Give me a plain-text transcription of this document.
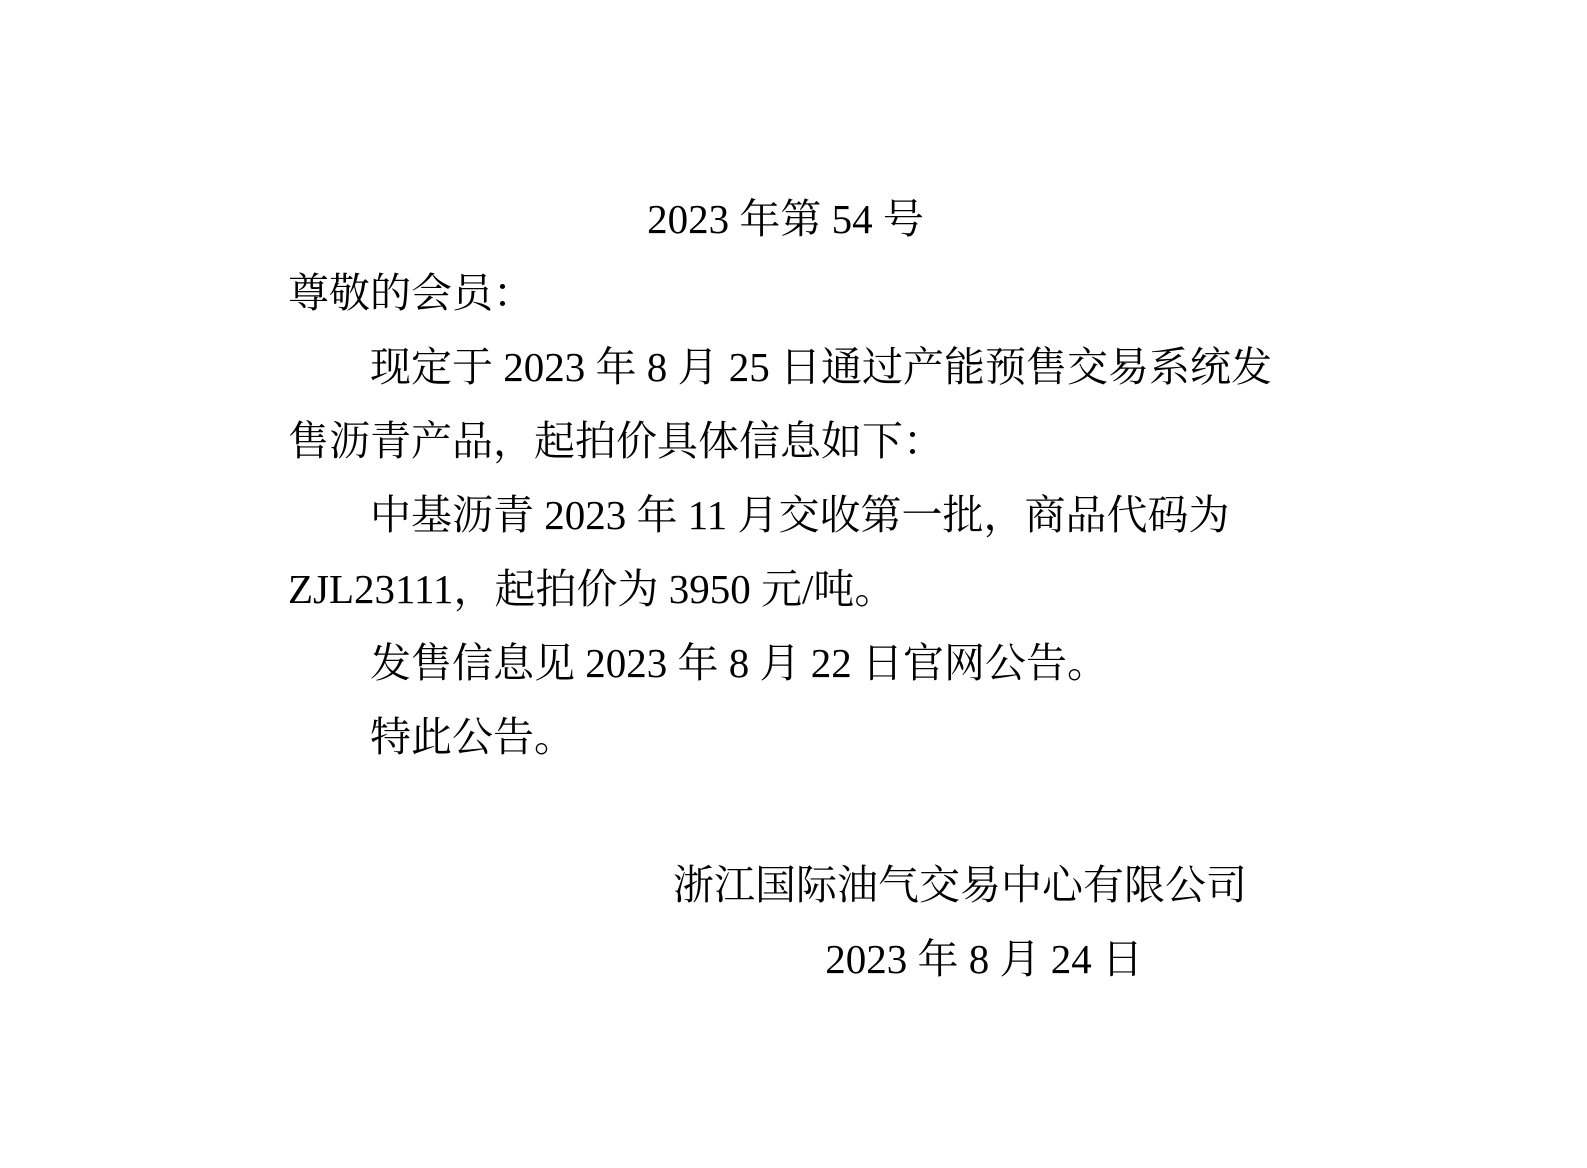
2023 年第 54 号
尊敬的会员：
现定于 2023 年 8 月 25 日通过产能预售交易系统发
售沥青产品，起拍价具体信息如下：
中基沥青 2023 年 11 月交收第一批，商品代码为
ZJL23111，起拍价为 3950 元/吨。
发售信息见 2023 年 8 月 22 日官网公告。
特此公告。
浙江国际油气交易中心有限公司
2023 年 8 月 24 日
